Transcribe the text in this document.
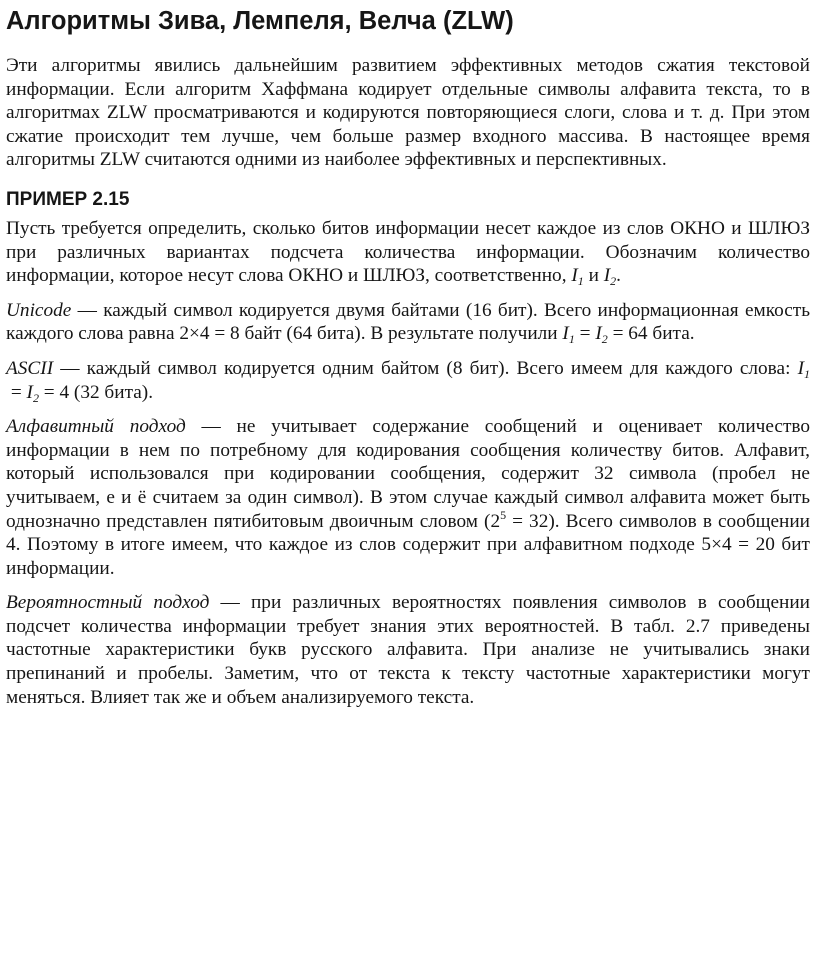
Алгоритмы Зива, Лемпеля, Велча (ZLW)

Эти алгоритмы явились дальнейшим развитием эффективных методов сжатия текстовой информации. Если алгоритм Хаффмана кодирует отдельные символы алфавита текста, то в алгоритмах ZLW просматриваются и кодируются повторяющиеся слоги, слова и т. д. При этом сжатие происходит тем лучше, чем больше размер входного массива. В настоящее время алгоритмы ZLW считаются одними из наиболее эффективных и перспективных.

ПРИМЕР 2.15

Пусть требуется определить, сколько битов информации несет каждое из слов ОКНО и ШЛЮЗ при различных вариантах подсчета количества информации. Обозначим количество информации, которое несут слова ОКНО и ШЛЮЗ, соответственно, $I_1$ и $I_2$.

Unicode — каждый символ кодируется двумя байтами (16 бит). Всего информационная емкость каждого слова равна 2×4 = 8 байт (64 бита). В результате получили $I_1 = I_2 = 64$ бита.

ASCII — каждый символ кодируется одним байтом (8 бит). Всего имеем для каждого слова: $I_1 = I_2 = 4$ (32 бита).

Алфавитный подход — не учитывает содержание сообщений и оценивает количество информации в нем по потребному для кодирования сообщения количеству битов. Алфавит, который использовался при кодировании сообщения, содержит 32 символа (пробел не учитываем, е и ё считаем за один символ). В этом случае каждый символ алфавита может быть однозначно представлен пятибитовым двоичным словом $(2^5 = 32)$. Всего символов в сообщении 4. Поэтому в итоге имеем, что каждое из слов содержит при алфавитном подходе 5×4 = 20 бит информации.

Вероятностный подход — при различных вероятностях появления символов в сообщении подсчет количества информации требует знания этих вероятностей. В табл. 2.7 приведены частотные характеристики букв русского алфавита. При анализе не учитывались знаки препинаний и пробелы. Заметим, что от текста к тексту частотные характеристики могут меняться. Влияет так же и объем анализируемого текста.
